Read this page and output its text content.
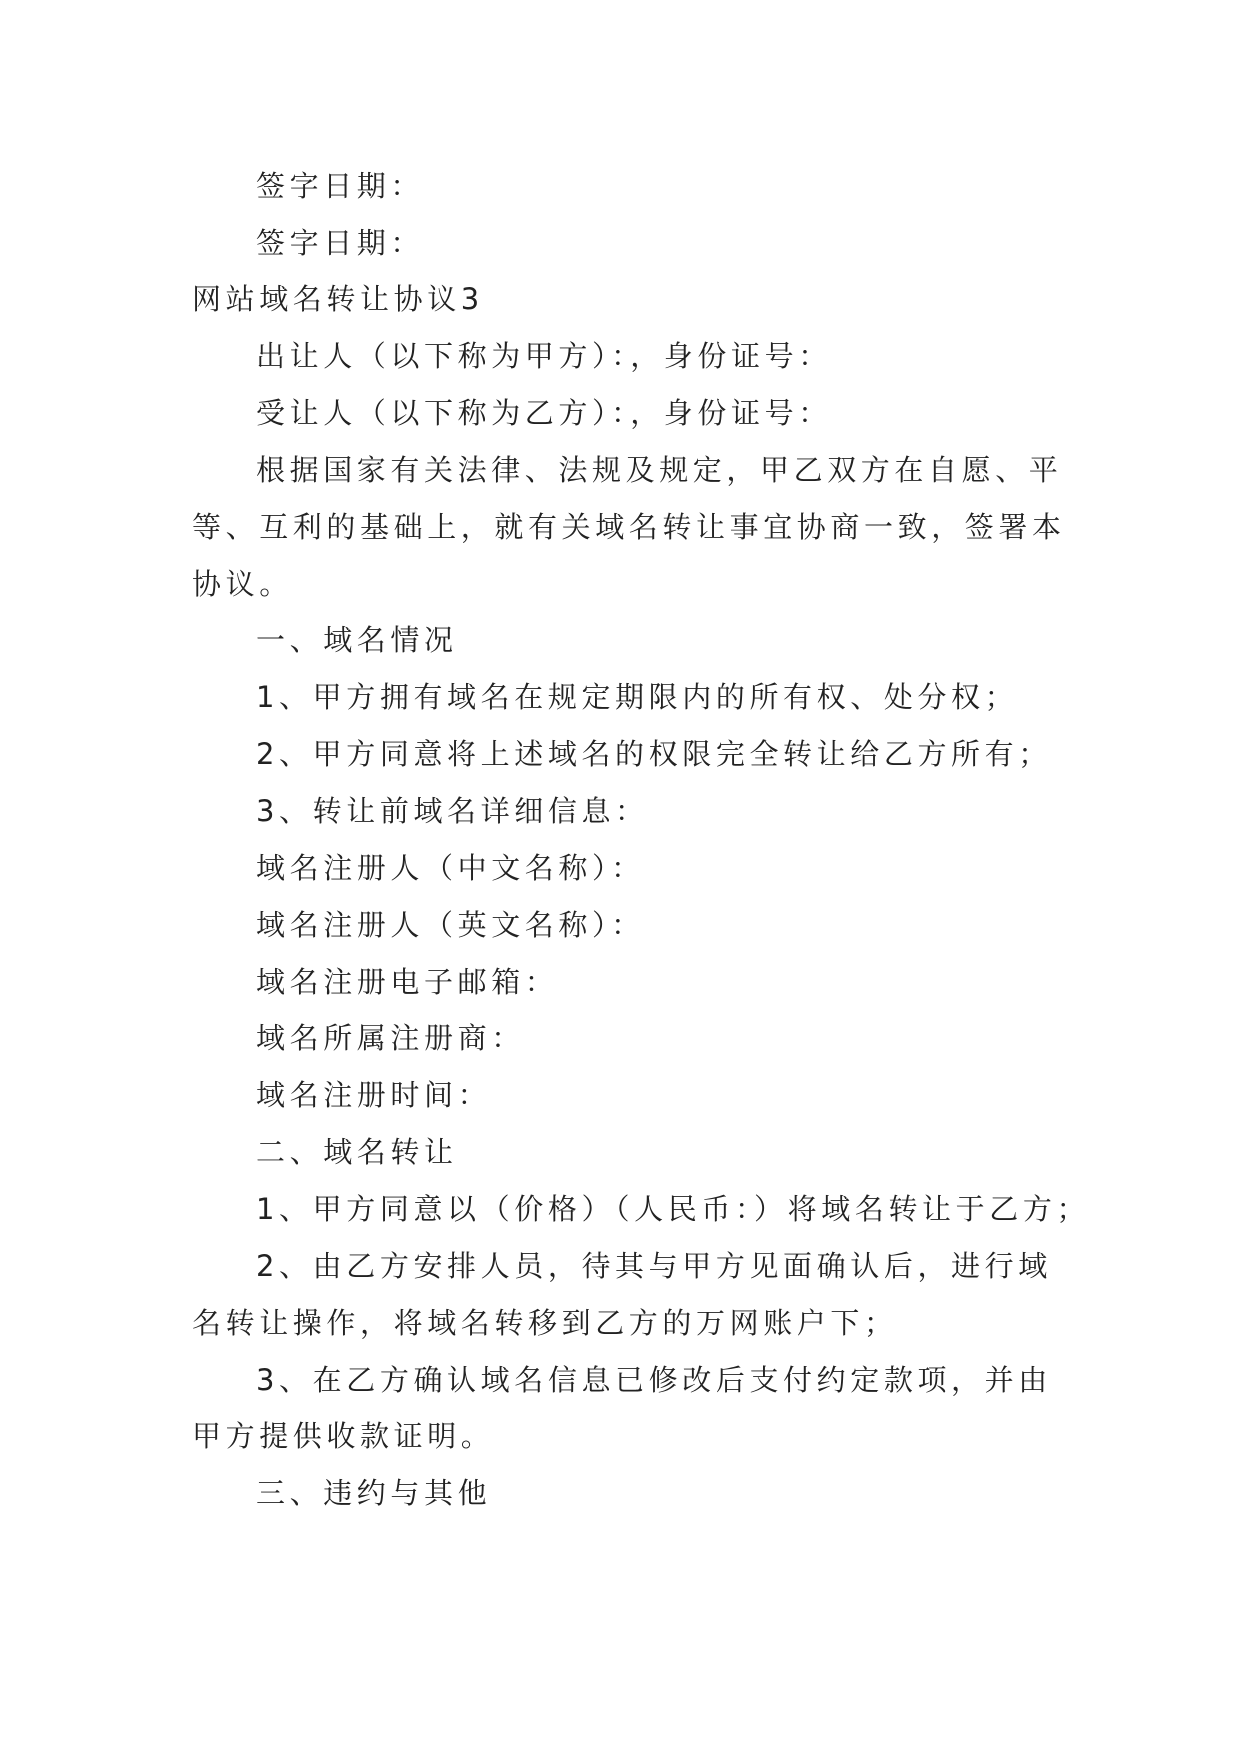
签字日期：
签字日期：
网站域名转让协议3
出让人（以下称为甲方）：，身份证号：
受让人（以下称为乙方）：，身份证号：
根据国家有关法律、法规及规定，甲乙双方在自愿、平
等、互利的基础上，就有关域名转让事宜协商一致，签署本
协议。
一、域名情况
1、甲方拥有域名在规定期限内的所有权、处分权；
2、甲方同意将上述域名的权限完全转让给乙方所有；
3、转让前域名详细信息：
域名注册人（中文名称）：
域名注册人（英文名称）：
域名注册电子邮箱：
域名所属注册商：
域名注册时间：
二、域名转让
1、甲方同意以（价格）（人民币：）将域名转让于乙方；
2、由乙方安排人员，待其与甲方见面确认后，进行域
名转让操作，将域名转移到乙方的万网账户下；
3、在乙方确认域名信息已修改后支付约定款项，并由
甲方提供收款证明。
三、违约与其他
